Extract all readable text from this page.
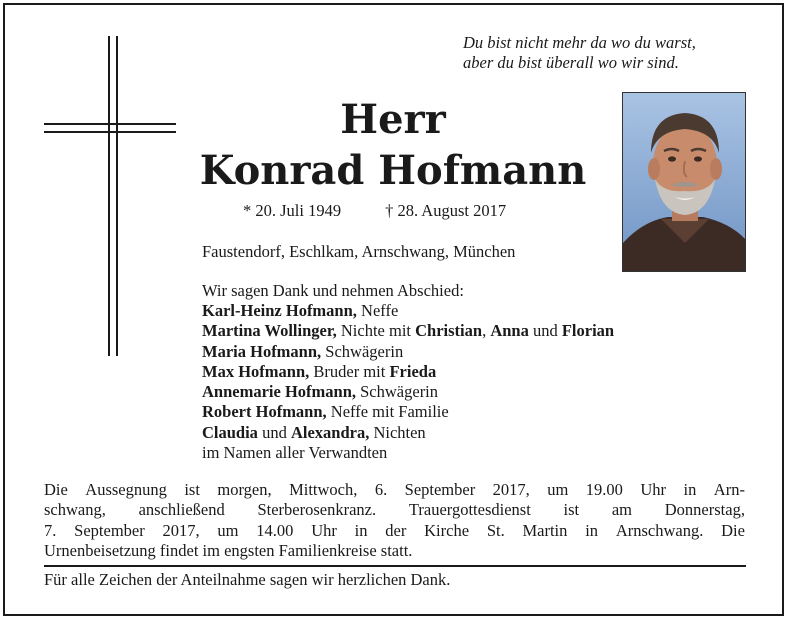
Du bist nicht mehr da wo du warst,
aber du bist überall wo wir sind.
Herr
Konrad Hofmann
* 20. Juli 1949	† 28. August 2017
Faustendorf, Eschlkam, Arnschwang, München
Wir sagen Dank und nehmen Abschied:
Karl-Heinz Hofmann, Neffe
Martina Wollinger, Nichte mit Christian, Anna und Florian
Maria Hofmann, Schwägerin
Max Hofmann, Bruder mit Frieda
Annemarie Hofmann, Schwägerin
Robert Hofmann, Neffe mit Familie
Claudia und Alexandra, Nichten
im Namen aller Verwandten
Die Aussegnung ist morgen, Mittwoch, 6. September 2017, um 19.00 Uhr in Arn-
schwang, anschließend Sterberosenkranz. Trauergottesdienst ist am Donnerstag,
7. September 2017, um 14.00 Uhr in der Kirche St. Martin in Arnschwang. Die
Urnenbeisetzung findet im engsten Familienkreise statt.
Für alle Zeichen der Anteilnahme sagen wir herzlichen Dank.
